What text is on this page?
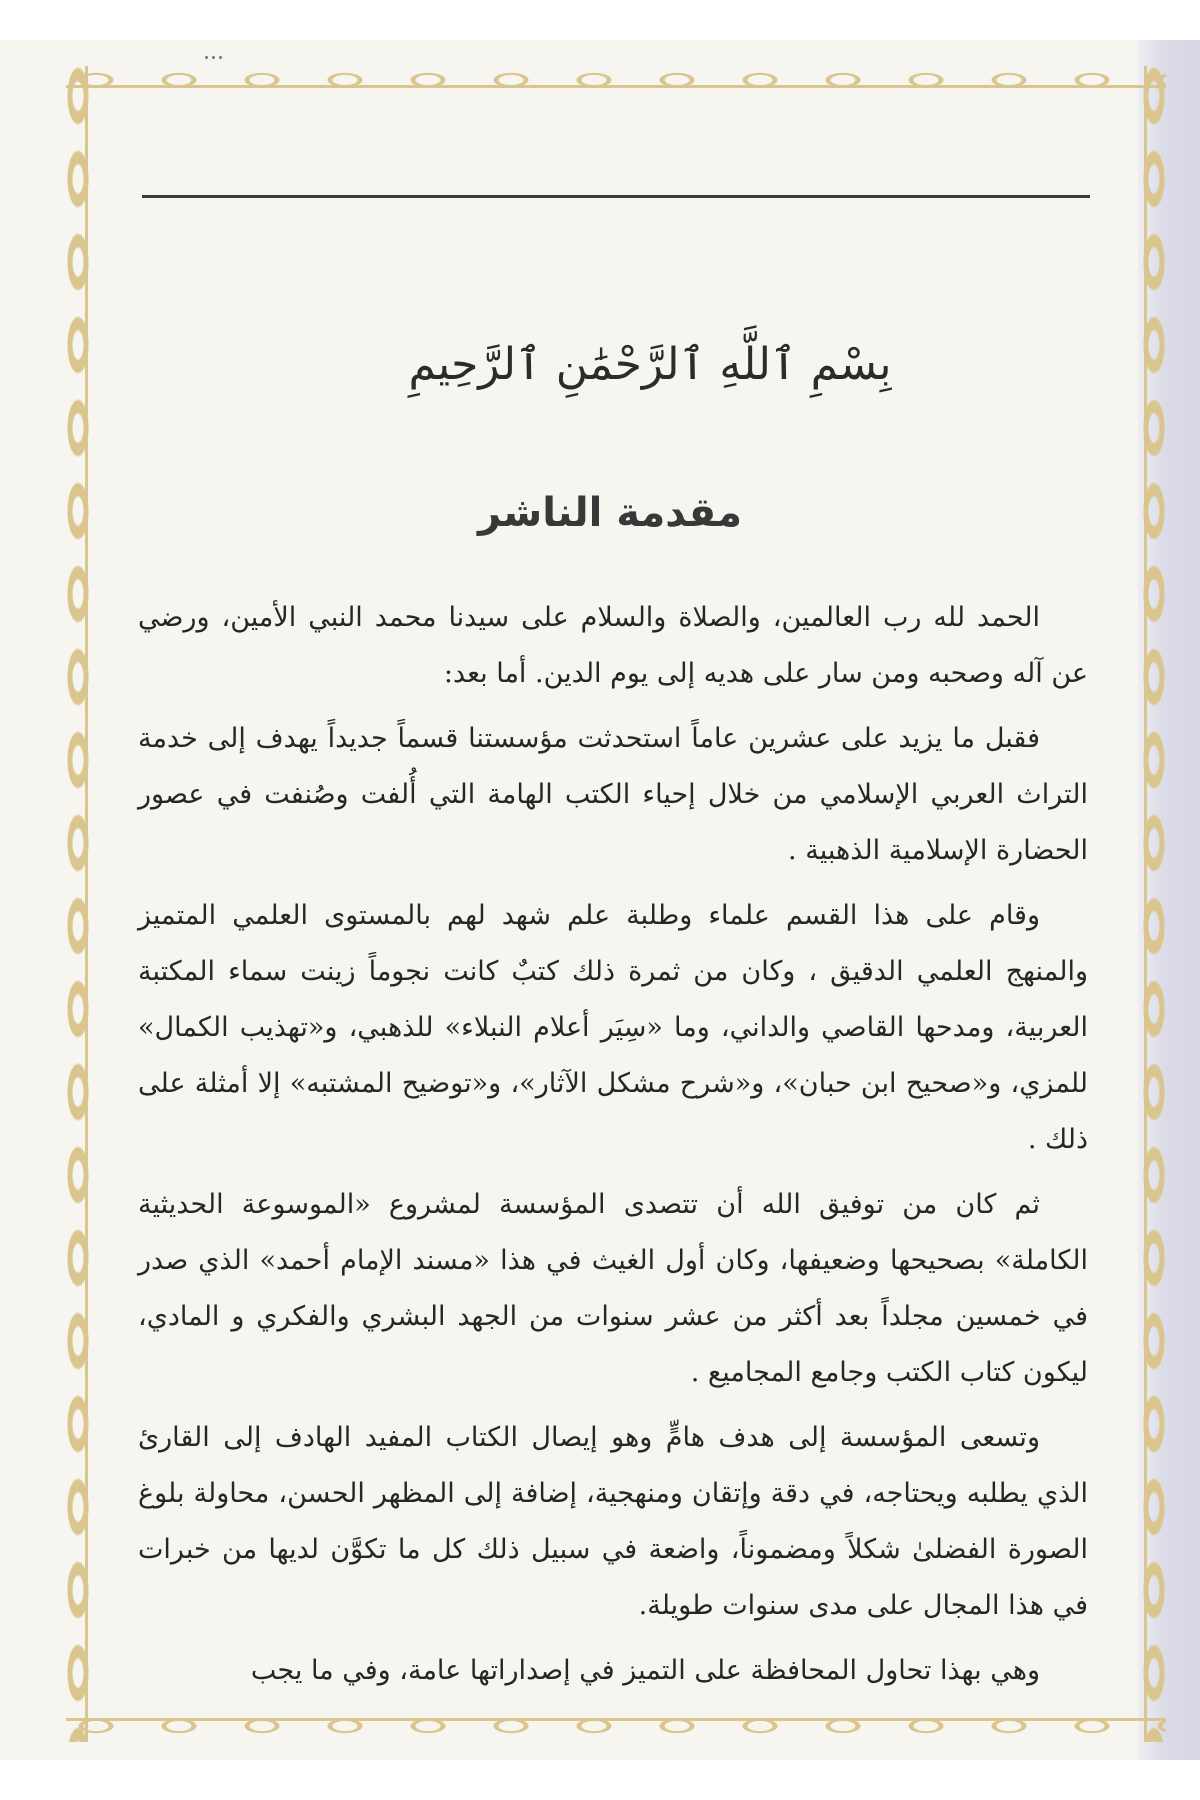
بِسْمِ ٱللَّهِ ٱلرَّحْمَٰنِ ٱلرَّحِيمِ
مقدمة الناشر

الحمد لله رب العالمين، والصلاة والسلام على سيدنا محمد النبي الأمين، ورضي عن آله وصحبه ومن سار على هديه إلى يوم الدين. أما بعد:

فقبل ما يزيد على عشرين عاماً استحدثت مؤسستنا قسماً جديداً يهدف إلى خدمة التراث العربي الإسلامي من خلال إحياء الكتب الهامة التي أُلفت وصُنفت في عصور الحضارة الإسلامية الذهبية .

وقام على هذا القسم علماء وطلبة علم شهد لهم بالمستوى العلمي المتميز والمنهج العلمي الدقيق ، وكان من ثمرة ذلك كتبٌ كانت نجوماً زينت سماء المكتبة العربية، ومدحها القاصي والداني، وما «سِيَر أعلام النبلاء» للذهبي، و«تهذيب الكمال» للمزي، و«صحيح ابن حبان»، و«شرح مشكل الآثار»، و«توضيح المشتبه» إلا أمثلة على ذلك .

ثم كان من توفيق الله أن تتصدى المؤسسة لمشروع «الموسوعة الحديثية الكاملة» بصحيحها وضعيفها، وكان أول الغيث في هذا «مسند الإمام أحمد» الذي صدر في خمسين مجلداً بعد أكثر من عشر سنوات من الجهد البشري والفكري و المادي، ليكون كتاب الكتب وجامع المجاميع .

وتسعى المؤسسة إلى هدف هامٍّ وهو إيصال الكتاب المفيد الهادف إلى القارئ الذي يطلبه ويحتاجه، في دقة وإتقان ومنهجية، إضافة إلى المظهر الحسن، محاولة بلوغ الصورة الفضلىٰ شكلاً ومضموناً، واضعة في سبيل ذلك كل ما تكوَّن لديها من خبرات في هذا المجال على مدى سنوات طويلة.

وهي بهذا تحاول المحافظة على التميز في إصداراتها عامة، وفي ما يجب
